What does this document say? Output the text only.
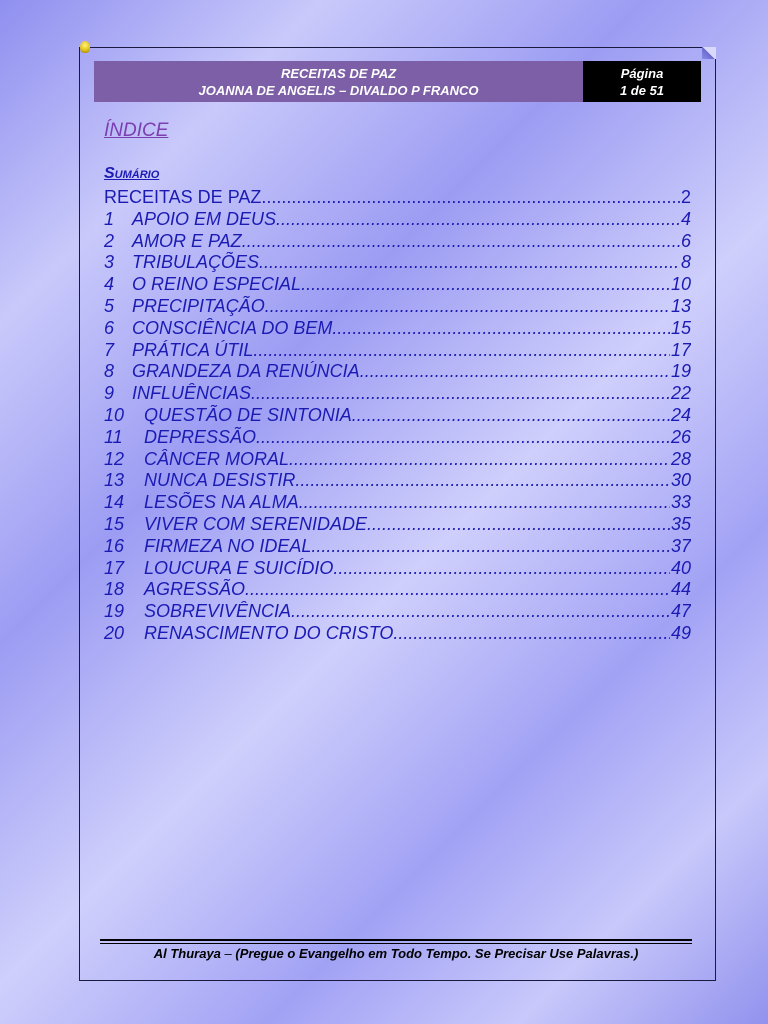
RECEITAS DE PAZ
JOANNA DE ANGELIS – DIVALDO P FRANCO
Página
1 de 51
ÍNDICE
Sumário
RECEITAS DE PAZ .....	2
1 APOIO EM DEUS .....	4
2 AMOR E PAZ .....	6
3 TRIBULAÇÕES .....	8
4 O REINO ESPECIAL .....	10
5 PRECIPITAÇÃO .....	13
6 CONSCIÊNCIA DO BEM .....	15
7 PRÁTICA ÚTIL .....	17
8 GRANDEZA DA RENÚNCIA .....	19
9 INFLUÊNCIAS .....	22
10	QUESTÃO DE SINTONIA .....	24
11	DEPRESSÃO .....	26
12	CÂNCER MORAL .....	28
13	NUNCA DESISTIR .....	30
14	LESÕES NA ALMA .....	33
15	VIVER COM SERENIDADE .....	35
16	FIRMEZA NO IDEAL .....	37
17	LOUCURA E SUICÍDIO .....	40
18	AGRESSÃO .....	44
19	SOBREVIVÊNCIA .....	47
20	RENASCIMENTO DO CRISTO .....	49
Al Thuraya – (Pregue o Evangelho em Todo Tempo. Se Precisar Use Palavras.)
